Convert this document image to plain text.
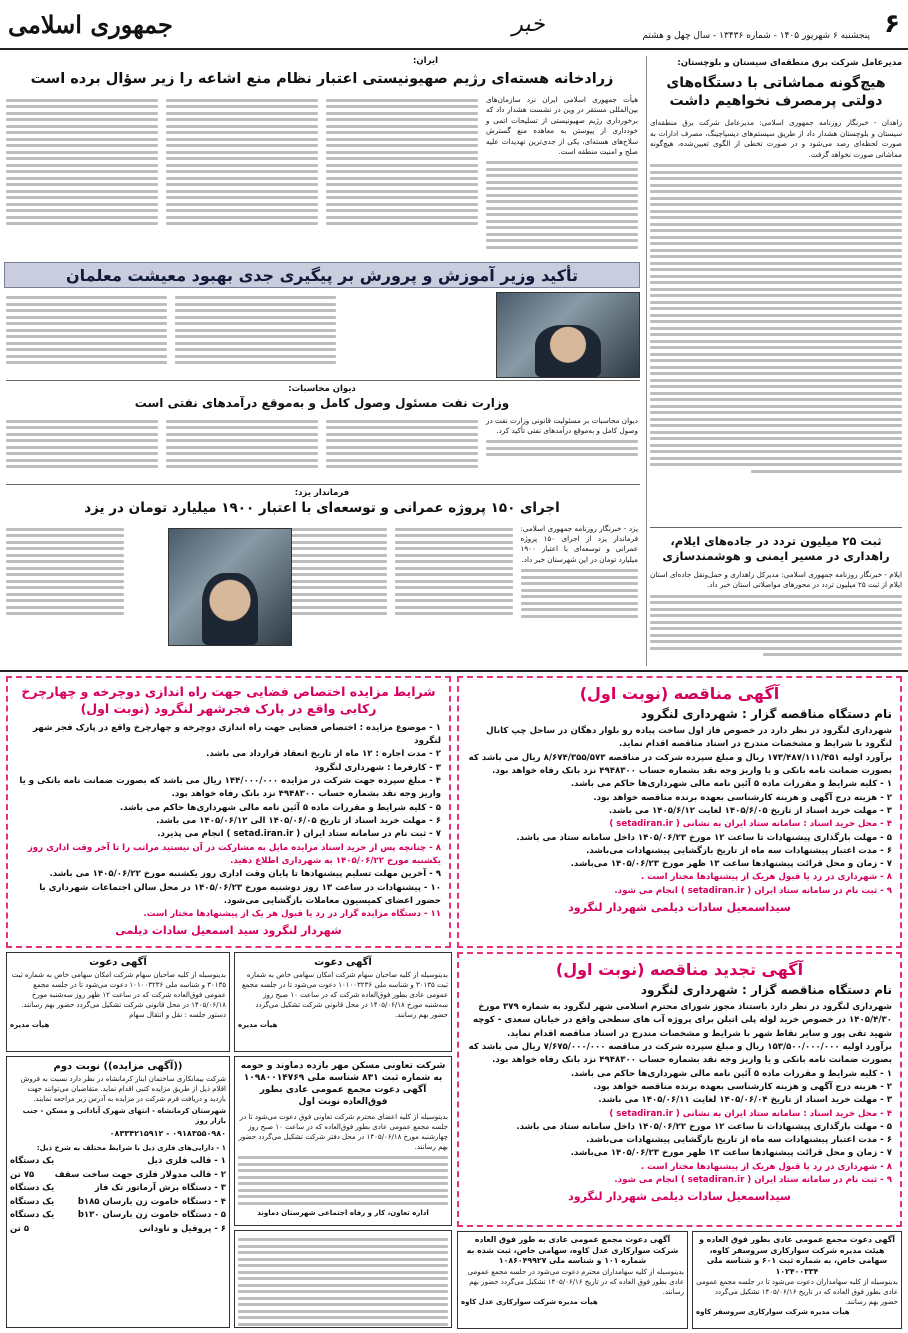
۶
خبر
جمهوری اسلامی	پنجشنبه ۶ شهریور ۱۴۰۵ - شماره ۱۳۴۳۶ - سال چهل و هشتم
مدیرعامل شرکت برق منطقه‌ای سیستان و بلوچستان:
هیچ‌گونه مماشاتی با دستگاه‌های دولتی پرمصرف نخواهیم داشت
زاهدان - خبرنگار روزنامه جمهوری اسلامی: مدیرعامل شرکت برق منطقه‌ای سیستان و بلوچستان هشدار داد از طریق سیستم‌های دیسپاچینگ، مصرف ادارات به صورت لحظه‌ای رصد می‌شود و در صورت تخطی از الگوی تعیین‌شده، هیچ‌گونه مماشاتی صورت نخواهد گرفت.
ثبت ۲۵ میلیون تردد در جاده‌های ایلام، راهداری در مسیر ایمنی و هوشمندسازی
ایلام - خبرنگار روزنامه جمهوری اسلامی: مدیرکل راهداری و حمل‌ونقل جاده‌ای استان ایلام از ثبت ۲۵ میلیون تردد در محورهای مواصلاتی استان خبر داد.
ایران:
زرادخانه هسته‌ای رژیم صهیونیستی اعتبار نظام منع اشاعه را زیر سؤال برده است
هیأت جمهوری اسلامی ایران نزد سازمان‌های بین‌المللی مستقر در وین در نشست هشدار داد که برخورداری رژیم صهیونیستی از تسلیحات اتمی و خودداری از پیوستن به معاهده منع گسترش سلاح‌های هسته‌ای، یکی از جدی‌ترین تهدیدات علیه صلح و امنیت منطقه است.
تأکید وزیر آموزش و پرورش بر پیگیری جدی بهبود معیشت معلمان
دیوان محاسبات:
وزارت نفت مسئول وصول کامل و به‌موقع درآمدهای نفتی است
دیوان محاسبات بر مسئولیت قانونی وزارت نفت در وصول کامل و به‌موقع درآمدهای نفتی تأکید کرد.
فرماندار یزد:
اجرای ۱۵۰ پروژه عمرانی و توسعه‌ای با اعتبار ۱۹۰۰ میلیارد تومان در یزد
یزد - خبرنگار روزنامه جمهوری اسلامی: فرماندار یزد از اجرای ۱۵۰ پروژه عمرانی و توسعه‌ای با اعتبار ۱۹۰۰ میلیارد تومان در این شهرستان خبر داد.
آگهی مناقصه (نوبت اول)
نام دستگاه مناقصه گزار : شهرداری لنگرود
شهرداری لنگرود در نظر دارد در خصوص فاز اول ساخت پیاده رو بلوار دهگان در ساحل چپ کانال لنگرود با شرایط و مشخصات مندرج در اسناد مناقصه اقدام نماید.
برآورد اولیه ۱۷۳/۴۸۷/۱۱۱/۴۵۱ ریال و مبلغ سپرده شرکت در مناقصه ۸/۶۷۴/۳۵۵/۵۷۳ ریال می باشد که بصورت ضمانت نامه بانکی و یا واریز وجه نقد بشماره حساب ۴۹۴۸۳۰۰ نزد بانک رفاه خواهد بود.
۱ - کلیه شرایط و مقررات ماده ۵ آئین نامه مالی شهرداری‌ها حاکم می باشد.
۲ - هزینه درج آگهی و هزینه کارشناسی بعهده برنده مناقصه خواهد بود.
۳ - مهلت خرید اسناد از تاریخ ۱۴۰۵/۶/۰۵ لغایت ۱۴۰۵/۶/۱۲ می باشد.
۴ - محل خرید اسناد : سامانه ستاد ایران به نشانی ( setadiran.ir )
۵ - مهلت بارگذاری پیشنهادات تا ساعت ۱۲ مورخ ۱۴۰۵/۰۶/۲۳ داخل سامانه ستاد می باشد.
۶ - مدت اعتبار پیشنهادات سه ماه از تاریخ بازگشایی پیشنهادات می‌باشد.
۷ - زمان و محل قرائت پیشنهادها ساعت ۱۳ ظهر مورخ ۱۴۰۵/۰۶/۲۳ می‌باشد.
۸ - شهرداری در رد یا قبول هریک از پیشنهادها مختار است .
۹ - ثبت نام در سامانه ستاد ایران ( setadiran.ir ) انجام می شود.
سیداسمعیل سادات دیلمی شهردار لنگرود
شرایط مزایده اختصاص فضایی جهت راه اندازی دوچرخه و چهارچرخ رکابی واقع در پارک فجرشهر لنگرود (نوبت اول)
۱ - موضوع مزایده : اختصاص فضایی جهت راه اندازی دوچرخه و چهارچرخ واقع در پارک فجر شهر لنگرود
۲ - مدت اجاره : ۱۲ ماه از تاریخ انعقاد قرارداد می باشد.
۳ - کارفرما : شهرداری لنگرود
۴ - مبلغ سپرده جهت شرکت در مزایده ۱۴۴/۰۰۰/۰۰۰ ریال می باشد که بصورت ضمانت نامه بانکی و یا واریز وجه نقد بشماره حساب ۴۹۴۸۳۰۰ نزد بانک رفاه خواهد بود.
۵ - کلیه شرایط و مقررات ماده ۵ آئین نامه مالی شهرداری‌ها حاکم می باشد.
۶ - مهلت خرید اسناد از تاریخ ۱۴۰۵/۰۶/۰۵ الی ۱۴۰۵/۰۶/۱۲ می باشد.
۷ - ثبت نام در سامانه ستاد ایران ( setad.iran.ir ) انجام می پذیرد.
۸ - چنانچه پس از خرید اسناد مزایده مایل به مشارکت در آن نیستید مراتب را تا آخر وقت اداری روز یکشنبه مورخ ۱۴۰۵/۰۶/۲۲ به شهرداری اطلاع دهید.
۹ - آخرین مهلت تسلیم پیشنهادها تا پایان وقت اداری روز یکشنبه مورخ ۱۴۰۵/۰۶/۲۲ می باشد.
۱۰ - پیشنهادات در ساعت ۱۳ روز دوشنبه مورخ ۱۴۰۵/۰۶/۲۳ در محل سالن اجتماعات شهرداری با حضور اعضای کمیسیون معاملات بازگشایی می‌شود.
۱۱ - دستگاه مزایده گزار در رد یا قبول هر یک از پیشنهادها مختار است.
شهردار لنگرود سید اسمعیل سادات دیلمی
آگهی تجدید مناقصه (نوبت اول)
نام دستگاه مناقصه گزار : شهرداری لنگرود
شهرداری لنگرود در نظر دارد باستناد مجوز شورای محترم اسلامی شهر لنگرود به شماره ۳۷۹ مورخ ۱۴۰۵/۴/۳۰ در خصوص خرید لوله پلی اتیلن برای پروژه آب های سطحی واقع در خیابان سعدی - کوچه شهید تقی پور و سایر نقاط شهر با شرایط و مشخصات مندرج در اسناد مناقصه اقدام نماید.
برآورد اولیه ۱۵۳/۵۰۰/۰۰۰/۰۰۰ ریال و مبلغ سپرده شرکت در مناقصه ۷/۶۷۵/۰۰۰/۰۰۰ ریال می باشد که بصورت ضمانت نامه بانکی و یا واریز وجه نقد بشماره حساب ۴۹۴۸۳۰۰ نزد بانک رفاه خواهد بود.
۱ - کلیه شرایط و مقررات ماده ۵ آئین نامه مالی شهرداری‌ها حاکم می باشد.
۲ - هزینه درج آگهی و هزینه کارشناسی بعهده برنده مناقصه خواهد بود.
۳ - مهلت خرید اسناد از تاریخ ۱۴۰۵/۰۶/۰۴ لغایت ۱۴۰۵/۰۶/۱۱ می باشد.
۴ - محل خرید اسناد : سامانه ستاد ایران به نشانی ( setadiran.ir )
۵ - مهلت بارگذاری پیشنهادات تا ساعت ۱۲ مورخ ۱۴۰۵/۰۶/۲۲ داخل سامانه ستاد می باشد.
۶ - مدت اعتبار پیشنهادات سه ماه از تاریخ بازگشایی پیشنهادات می‌باشد.
۷ - زمان و محل قرائت پیشنهادها ساعت ۱۳ ظهر مورخ ۱۴۰۵/۰۶/۲۳ می‌باشد.
۸ - شهرداری در رد یا قبول هریک از پیشنهادها مختار است .
۹ - ثبت نام در سامانه ستاد ایران ( setadiran.ir ) انجام می شود.
سیداسمعیل سادات دیلمی شهردار لنگرود
آگهی دعوت
بدینوسیله از کلیه صاحبان سهام شرکت امکان سهامی خاص به شماره ثبت ۳۰۱۳۵ و شناسه ملی ۱۰۱۰۰۳۲۳۶ دعوت می‌شود تا در جلسه مجمع عمومی عادی بطور فوق‌العاده شرکت که در ساعت ۱۰ صبح روز سه‌شنبه مورخ ۱۴۰۵/۰۶/۱۸ در محل قانونی شرکت تشکیل می‌گردد حضور بهم رسانند.
هیأت مدیره
آگهی دعوت
بدینوسیله از کلیه صاحبان سهام شرکت امکان سهامی خاص به شماره ثبت ۳۰۱۳۵ و شناسه ملی ۱۰۱۰۰۳۲۳۶ دعوت می‌شود تا در جلسه مجمع عمومی فوق‌العاده شرکت که در ساعت ۱۲ ظهر روز سه‌شنبه مورخ ۱۴۰۵/۰۶/۱۸ در محل قانونی شرکت تشکیل می‌گردد حضور بهم رسانند. دستور جلسه : نقل و انتقال سهام
هیأت مدیره
شرکت تعاونی مسکن مهر بازده دماوند و حومه به شماره ثبت ۸۳۱ شناسه ملی ۱۰۹۸۰۰۱۴۷۶۹ آگهی دعوت مجمع عمومی عادی بطور فوق‌العاده نوبت اول
بدینوسیله از کلیه اعضای محترم شرکت تعاونی فوق دعوت می‌شود تا در جلسه مجمع عمومی عادی بطور فوق‌العاده که در ساعت ۱۰ صبح روز چهارشنبه مورخ ۱۴۰۵/۰۶/۱۸ در محل دفتر شرکت تشکیل می‌گردد حضور بهم رسانند.
اداره تعاون، کار و رفاه اجتماعی شهرستان دماوند
((آگهی مزایده)) نوبت دوم
شرکت بیمانکاری ساختمان ابنار کرمانشاه در نظر دارد نسبت به فروش اقلام ذیل از طریق مزایده کتبی اقدام نماید. متقاضیان می‌توانند جهت بازدید و دریافت فرم شرکت در مزایده به آدرس زیر مراجعه نمایند.
شهرستان کرمانشاه - انتهای شهرک آبادانی و مسکن - جنب بازار روز
۰۹۱۸۳۵۵۰۹۸۰ - ۰۸۳۳۴۲۱۵۹۱۲
۱ - دارایی‌های فلزی ذیل با شرایط مختلف به شرح ذیل:
۱ - قالب فلزی ذیل
یک دستگاه
۲ - قالب مدولار فلزی جهت ساخت سقف
۷۵ تن
۳ - دستگاه برش آرماتور تک فاز
یک دستگاه
۴ - دستگاه خاموت زن بارسان b۱۸۵
یک دستگاه
۵ - دستگاه خاموت زن بارسان b۱۳۰
یک دستگاه
۶ - پروفیل و ناودانی
۵ تن
آگهی دعوت مجمع عمومی عادی بطور فوق العاده و هیئت مدیره شرکت سوارکاری سروسفر کاوه، سهامی خاص، به شماره ثبت ۶۰۱ و شناسه ملی ۱۰۲۴۰۰۳۳۴
بدینوسیله از کلیه سهامداران دعوت می‌شود تا در جلسه مجمع عمومی عادی بطور فوق العاده که در تاریخ ۱۴۰۵/۰۶/۱۶ تشکیل می‌گردد حضور بهم رسانند.
هیأت مدیره شرکت سوارکاری سروسفر کاوه
آگهی دعوت مجمع عمومی عادی به طور فوق العاده شرکت سوارکاری عدل کاوه، سهامی خاص، ثبت شده به شماره ۱۰۱ و شناسه ملی ۱۰۸۶۰۴۹۹۲۷
بدینوسیله از کلیه سهامداران محترم دعوت می‌شود در جلسه مجمع عمومی عادی بطور فوق العاده که در تاریخ ۱۴۰۵/۰۶/۱۶ تشکیل می‌گردد حضور بهم رسانند.
هیأت مدیره شرکت سوارکاری عدل کاوه
